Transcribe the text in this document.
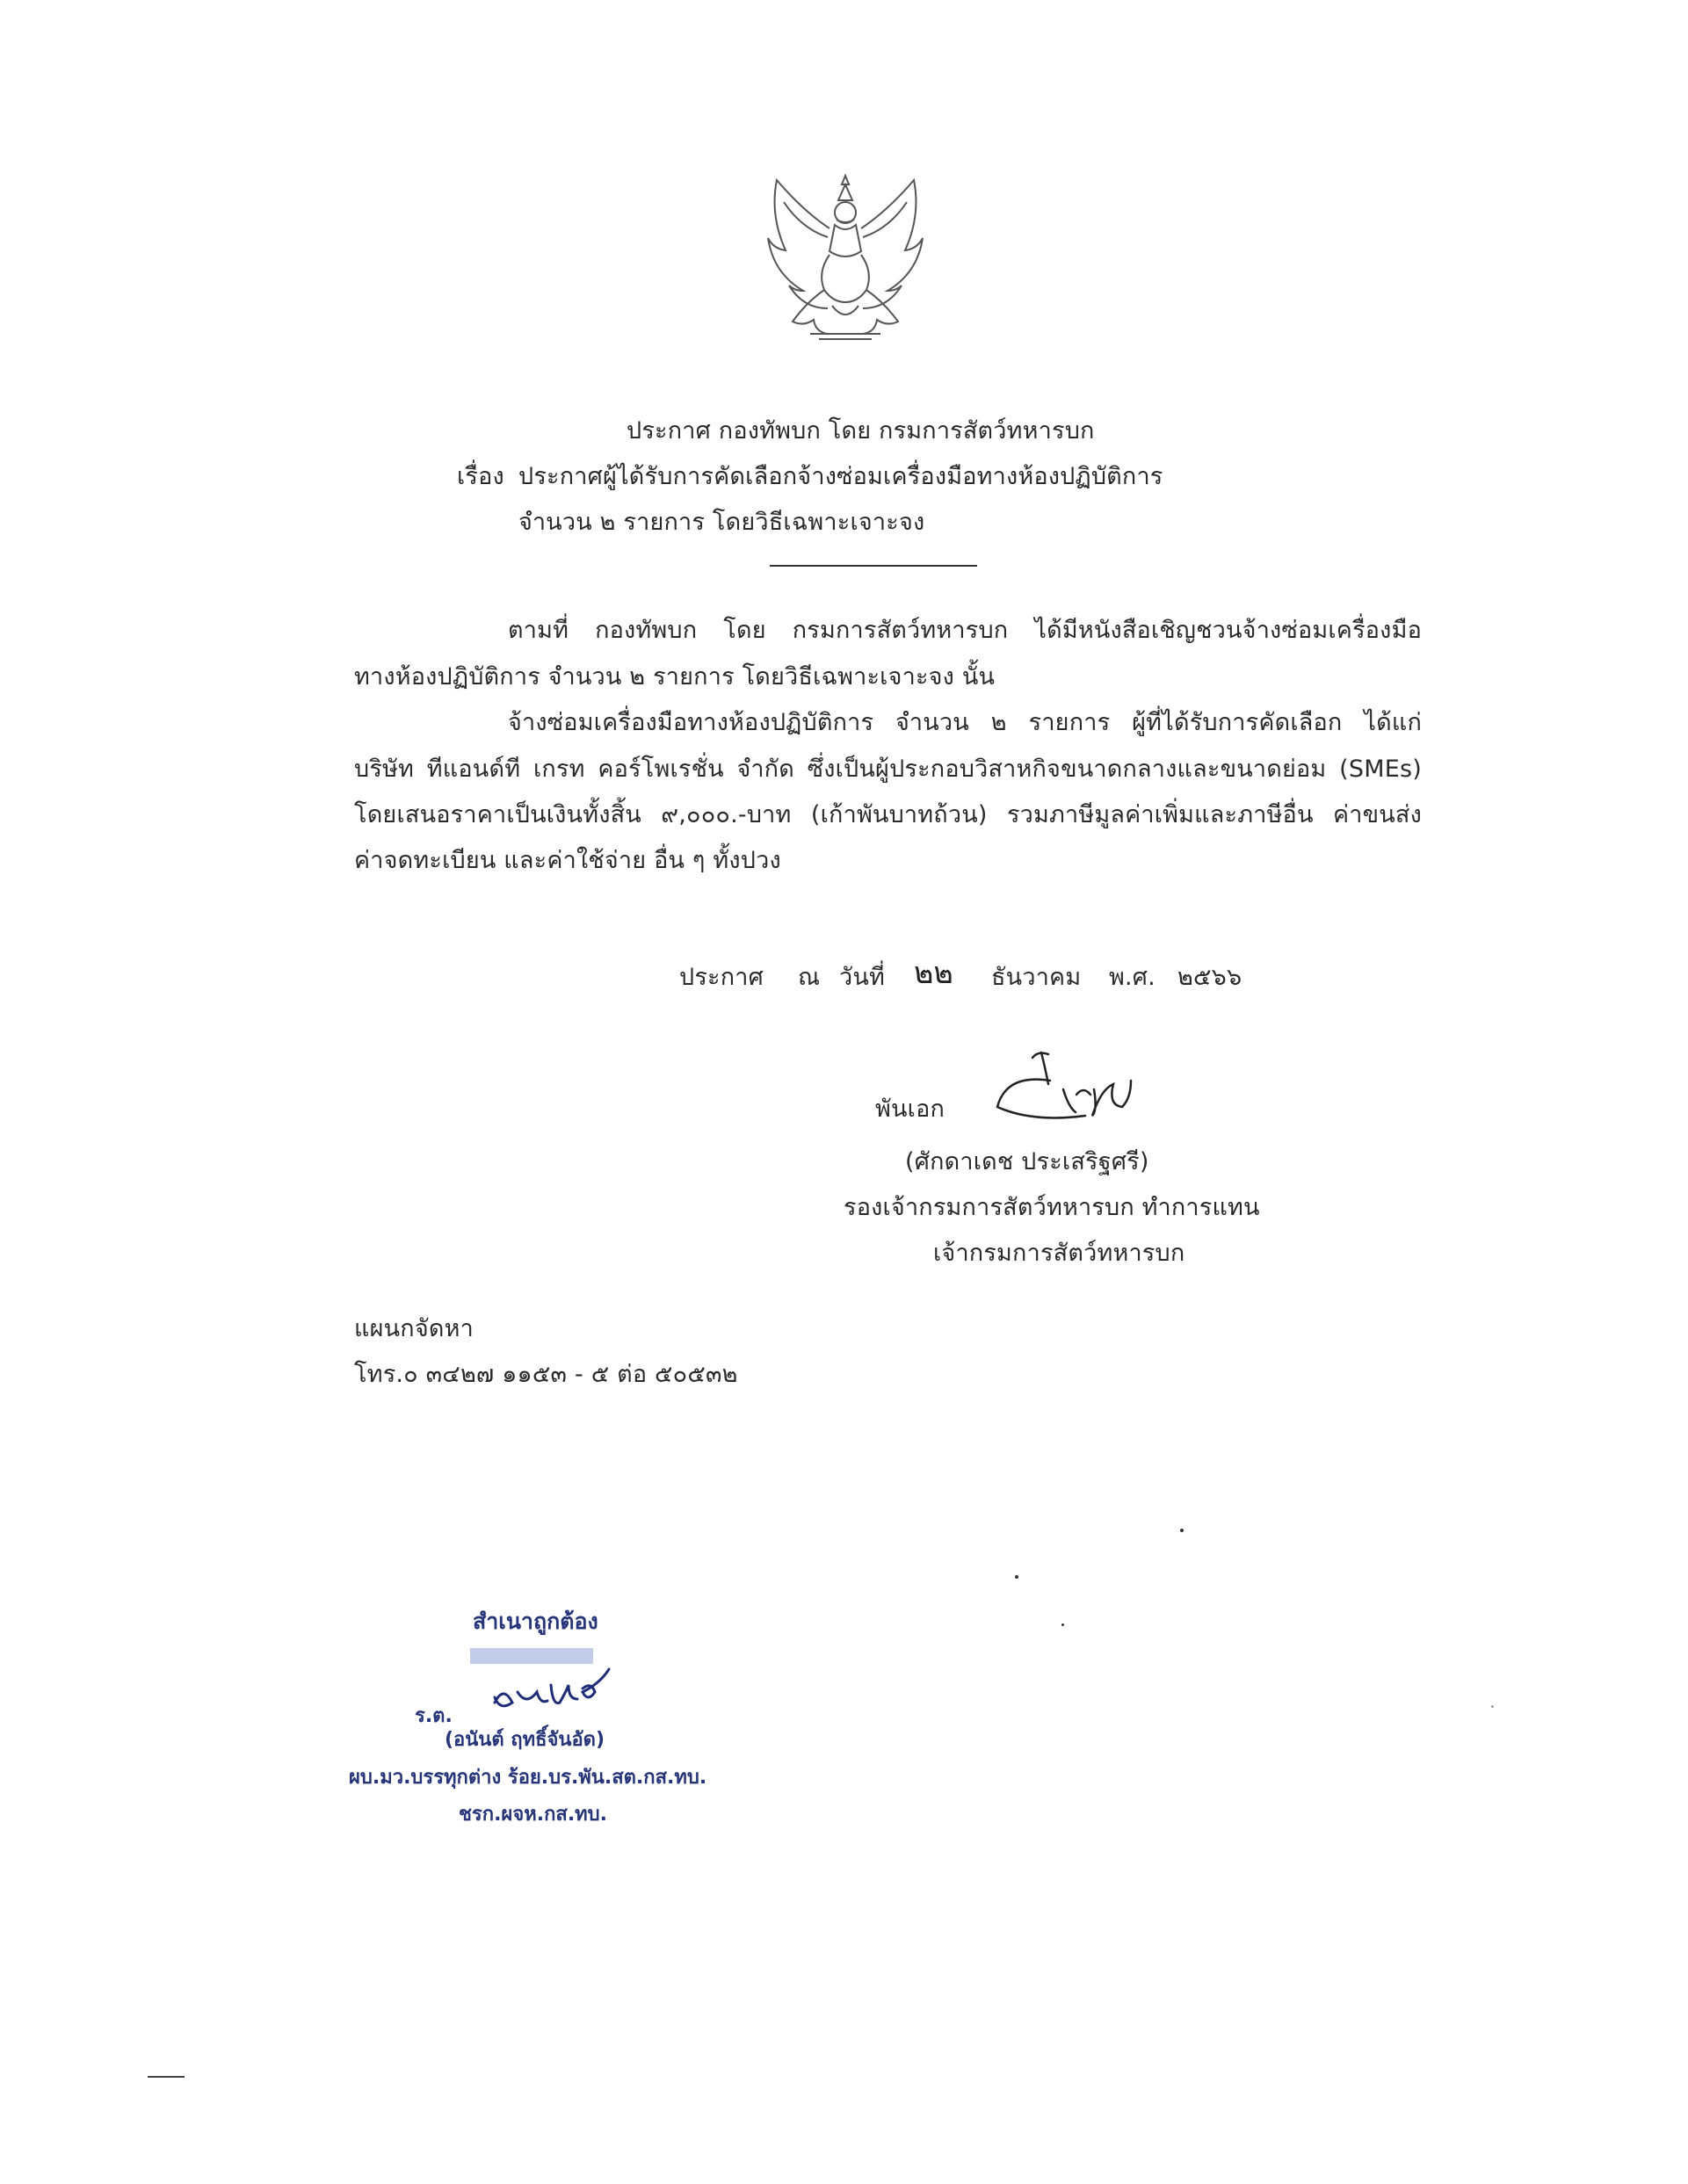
ประกาศ กองทัพบก โดย กรมการสัตว์ทหารบก
เรื่อง ประกาศผู้ได้รับการคัดเลือกจ้างซ่อมเครื่องมือทางห้องปฏิบัติการ
จำนวน ๒ รายการ โดยวิธีเฉพาะเจาะจง
ตามที่ กองทัพบก โดย กรมการสัตว์ทหารบก ได้มีหนังสือเชิญชวนจ้างซ่อมเครื่องมือ
ทางห้องปฏิบัติการ จำนวน ๒ รายการ โดยวิธีเฉพาะเจาะจง นั้น
จ้างซ่อมเครื่องมือทางห้องปฏิบัติการ จำนวน ๒ รายการ ผู้ที่ได้รับการคัดเลือก ได้แก่
บริษัท ทีแอนด์ที เกรท คอร์โพเรชั่น จำกัด ซึ่งเป็นผู้ประกอบวิสาหกิจขนาดกลางและขนาดย่อม (SMEs)
โดยเสนอราคาเป็นเงินทั้งสิ้น ๙,๐๐๐.-บาท (เก้าพันบาทถ้วน) รวมภาษีมูลค่าเพิ่มและภาษีอื่น ค่าขนส่ง
ค่าจดทะเบียน และค่าใช้จ่าย อื่น ๆ ทั้งปวง
ประกาศ ณ วันที่ ๒๒ ธันวาคม พ.ศ. ๒๕๖๖
พันเอก
(ศักดาเดช ประเสริฐศรี)
รองเจ้ากรมการสัตว์ทหารบก ทำการแทน
เจ้ากรมการสัตว์ทหารบก
แผนกจัดหา
โทร.๐ ๓๔๒๗ ๑๑๕๓ - ๕ ต่อ ๕๐๕๓๒
สำเนาถูกต้อง
ร.ต.
(อนันต์ ฤทธิ์จันอัด)
ผบ.มว.บรรทุกต่าง ร้อย.บร.พัน.สต.กส.ทบ.
ชรก.ผจห.กส.ทบ.
